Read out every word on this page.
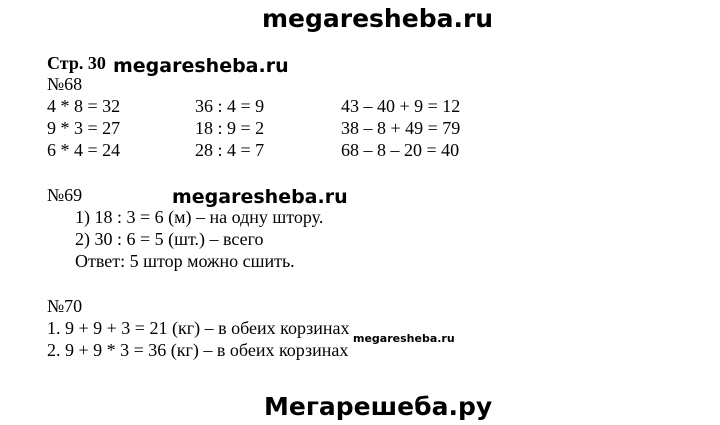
megaresheba.ru
Стр. 30 megaresheba.ru
№68
4 * 8 = 32
9 * 3 = 27
6 * 4 = 24
36 : 4 = 9
18 : 9 = 2
28 : 4 = 7
43 – 40 + 9 = 12
38 – 8 + 49 = 79
68 – 8 – 20 = 40
№69	megaresheba.ru
1) 18 : 3 = 6 (м) – на одну штору.
2) 30 : 6 = 5 (шт.) – всего
Ответ: 5 штор можно сшить.
№70
1. 9 + 9 + 3 = 21 (кг) – в обеих корзинах
2. 9 + 9 * 3 = 36 (кг) – в обеих корзинах
megaresheba.ru
Мегарешеба.ру
